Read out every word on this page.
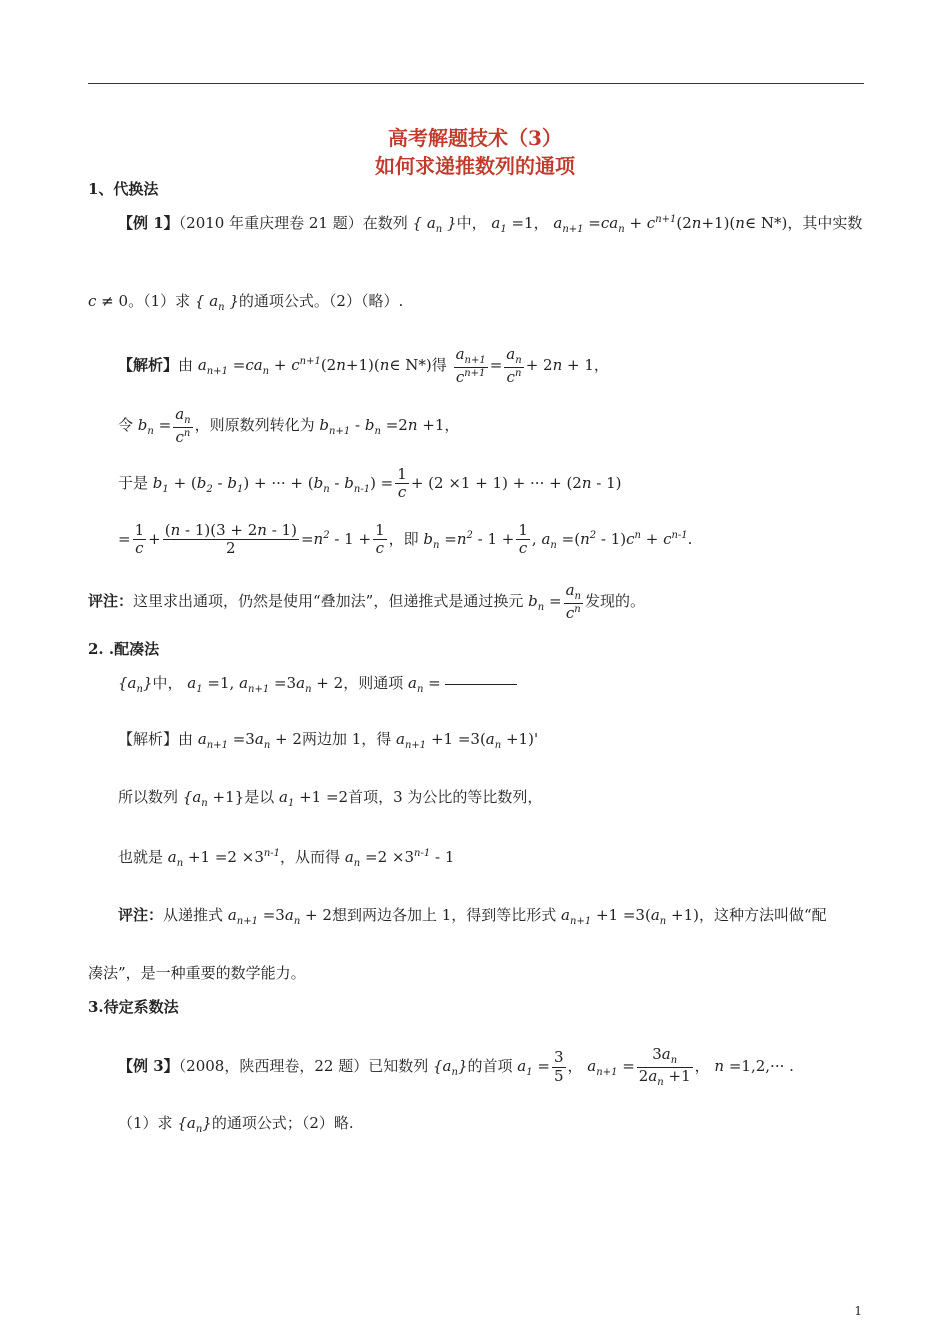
高考解题技术（3）
如何求递推数列的通项
1、代换法
【例 1】（2010 年重庆理卷 21 题）在数列 { $a_n$ }中， $a_1 =1$， $a_{n+1} =ca_n$ + $c^{n+1}(2n+1)(n\in$ N*)，其中实数
c ≠ 0。（1）求 { $a_n$ }的通项公式。（2）（略）.
【解析】由 $a_{n+1} =ca_n$ + $c^{n+1}(2n+1)(n\in$ N*)得 $\frac{a_{n+1}}{c^{n+1}} = \frac{a_n}{c^n} + 2n + 1$，
令 $b_n = \frac{a_n}{c^n}$ ，则原数列转化为 $b_{n+1} - b_n =2n +1$，
于是 $b_1 + (b_2 - b_1)$ + ··· + $(b_n - b_{n-1}) = \frac{1}{c} + (2 \times 1 + 1)$ + ··· + (2n - 1)
= $\frac{1}{c} + \frac{(n - 1)(3 + 2n - 1)}{2} =n^2 - 1 + \frac{1}{c}$ ，即 $b_n =n^2 - 1 + \frac{1}{c}$ , $a_n =(n^2 - 1)c^n + c^{n-1}$.
评注：这里求出通项，仍然是使用“叠加法”，但递推式是通过换元 $b_n = \frac{a_n}{c^n}$ 发现的。
2. .配凑法
$\{a_n\}$中， $a_1 =1$, $a_{n+1} =3a_n + 2$，则通项 $a_n$ =
【解析】由 $a_{n+1} =3a_n + 2$两边加 1，得 $a_{n+1} +1 =3(a_n +1)'$
所以数列 $\{a_n +1\}$是以 $a_1 +1 =2$首项，3 为公比的等比数列，
也就是 $a_n +1 =2 \times 3^{n-1}$，从而得 $a_n =2 \times 3^{n-1} - 1$
评注：从递推式 $a_{n+1} =3a_n + 2$想到两边各加上 1，得到等比形式 $a_{n+1} +1 =3(a_n +1)$，这种方法叫做“配
凑法”，是一种重要的数学能力。
3.待定系数法
【例 3】（2008，陕西理卷，22 题）已知数列 $\{a_n\}$的首项 $a_1 = \frac{3}{5}$ ， $a_{n+1} = \frac{3a_n}{2a_n +1}$ ， n =1,2,··· .
（1）求 $\{a_n\}$的通项公式；（2）略.
1
